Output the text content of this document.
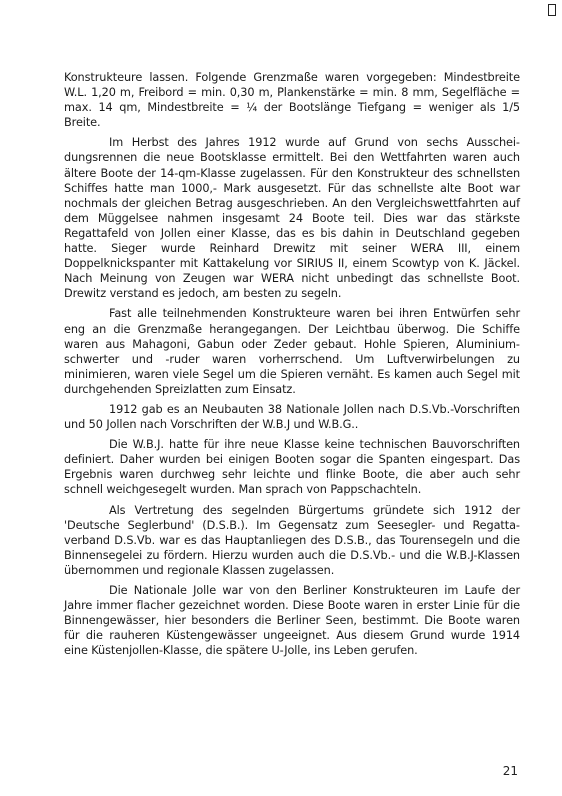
Konstrukteure lassen. Folgende Grenzmaße waren vorgegeben: Mindestbreite W.L. 1,20 m, Freibord = min. 0,30 m, Plankenstärke = min. 8 mm, Segelfläche = max. 14 qm, Mindestbreite = ¼ der Bootslänge Tiefgang = weniger als 1/5 Breite.

Im Herbst des Jahres 1912 wurde auf Grund von sechs Ausscheidungsrennen die neue Bootsklasse ermittelt. Bei den Wettfahrten waren auch ältere Boote der 14-qm-Klasse zugelassen. Für den Konstrukteur des schnellsten Schiffes hatte man 1000,- Mark ausgesetzt. Für das schnellste alte Boot war nochmals der gleichen Betrag ausgeschrieben. An den Vergleichswettfahrten auf dem Müggelsee nahmen insgesamt 24 Boote teil. Dies war das stärkste Regattafeld von Jollen einer Klasse, das es bis dahin in Deutschland gegeben hatte. Sieger wurde Reinhard Drewitz mit seiner WERA III, einem Doppelknickspanter mit Kattakelung vor SIRIUS II, einem Scowtyp von K. Jäckel. Nach Meinung von Zeugen war WERA nicht unbedingt das schnellste Boot. Drewitz verstand es jedoch, am besten zu segeln.

Fast alle teilnehmenden Konstrukteure waren bei ihren Entwürfen sehr eng an die Grenzmaße herangegangen. Der Leichtbau überwog. Die Schiffe waren aus Mahagoni, Gabun oder Zeder gebaut. Hohle Spieren, Aluminiumschwerter und -ruder waren vorherrschend. Um Luftverwirbelungen zu minimieren, waren viele Segel um die Spieren vernäht. Es kamen auch Segel mit durchgehenden Spreizlatten zum Einsatz.

1912 gab es an Neubauten 38 Nationale Jollen nach D.S.Vb.-Vorschriften und 50 Jollen nach Vorschriften der W.B.J und W.B.G..

Die W.B.J. hatte für ihre neue Klasse keine technischen Bauvorschriften definiert. Daher wurden bei einigen Booten sogar die Spanten eingespart. Das Ergebnis waren durchweg sehr leichte und flinke Boote, die aber auch sehr schnell weichgesegelt wurden. Man sprach von Pappschachteln.

Als Vertretung des segelnden Bürgertums gründete sich 1912 der 'Deutsche Seglerbund' (D.S.B.). Im Gegensatz zum Seesegler- und Regattaverband D.S.Vb. war es das Hauptanliegen des D.S.B., das Tourensegeln und die Binnensegelei zu fördern. Hierzu wurden auch die D.S.Vb.- und die W.B.J-Klassen übernommen und regionale Klassen zugelassen.

Die Nationale Jolle war von den Berliner Konstrukteuren im Laufe der Jahre immer flacher gezeichnet worden. Diese Boote waren in erster Linie für die Binnengewässer, hier besonders die Berliner Seen, bestimmt. Die Boote waren für die rauheren Küstengewässer ungeeignet. Aus diesem Grund wurde 1914 eine Küstenjollen-Klasse, die spätere U-Jolle, ins Leben gerufen.

21
